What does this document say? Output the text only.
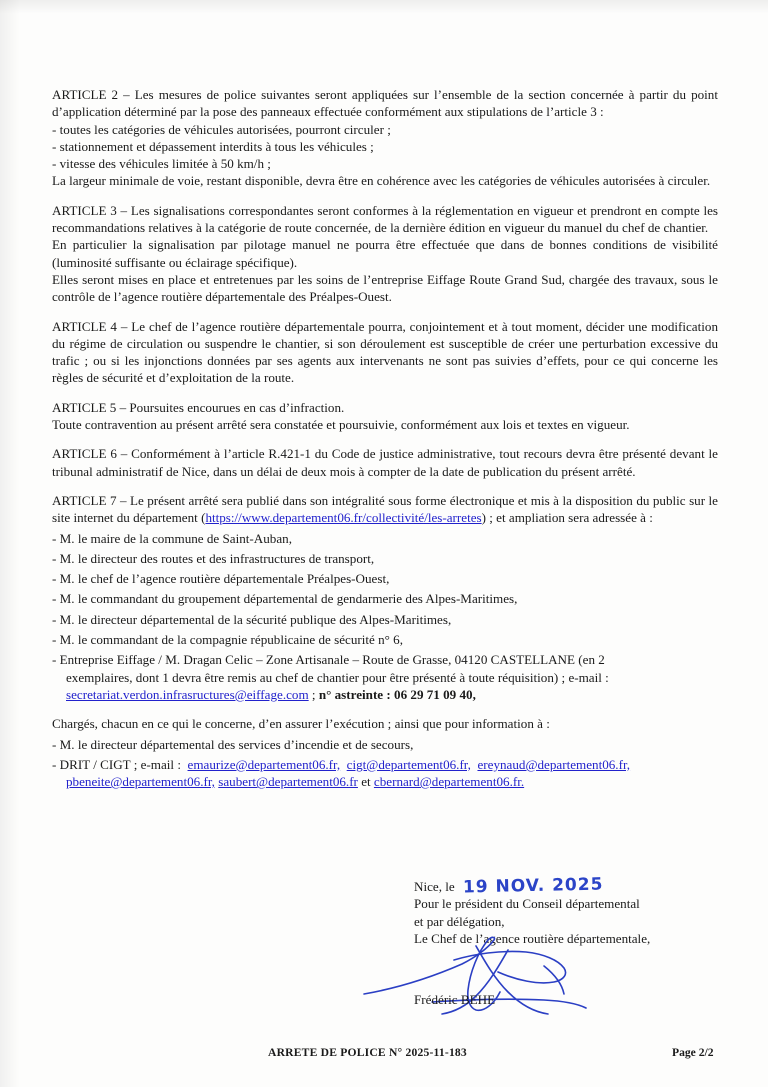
ARTICLE 2 – Les mesures de police suivantes seront appliquées sur l’ensemble de la section concernée à partir du point d’application déterminé par la pose des panneaux effectuée conformément aux stipulations de l’article 3 :
- toutes les catégories de véhicules autorisées, pourront circuler ;
- stationnement et dépassement interdits à tous les véhicules ;
- vitesse des véhicules limitée à 50 km/h ;
La largeur minimale de voie, restant disponible, devra être en cohérence avec les catégories de véhicules autorisées à circuler.
ARTICLE 3 – Les signalisations correspondantes seront conformes à la réglementation en vigueur et prendront en compte les recommandations relatives à la catégorie de route concernée, de la dernière édition en vigueur du manuel du chef de chantier.
En particulier la signalisation par pilotage manuel ne pourra être effectuée que dans de bonnes conditions de visibilité (luminosité suffisante ou éclairage spécifique).
Elles seront mises en place et entretenues par les soins de l’entreprise Eiffage Route Grand Sud, chargée des travaux, sous le contrôle de l’agence routière départementale des Préalpes-Ouest.
ARTICLE 4 – Le chef de l’agence routière départementale pourra, conjointement et à tout moment, décider une modification du régime de circulation ou suspendre le chantier, si son déroulement est susceptible de créer une perturbation excessive du trafic ; ou si les injonctions données par ses agents aux intervenants ne sont pas suivies d’effets, pour ce qui concerne les règles de sécurité et d’exploitation de la route.
ARTICLE 5 – Poursuites encourues en cas d’infraction.
Toute contravention au présent arrêté sera constatée et poursuivie, conformément aux lois et textes en vigueur.
ARTICLE 6 – Conformément à l’article R.421-1 du Code de justice administrative, tout recours devra être présenté devant le tribunal administratif de Nice, dans un délai de deux mois à compter de la date de publication du présent arrêté.
ARTICLE 7 – Le présent arrêté sera publié dans son intégralité sous forme électronique et mis à la disposition du public sur le site internet du département (https://www.departement06.fr/collectivité/les-arretes) ; et ampliation sera adressée à :
- M. le maire de la commune de Saint-Auban,
- M. le directeur des routes et des infrastructures de transport,
- M. le chef de l’agence routière départementale Préalpes-Ouest,
- M. le commandant du groupement départemental de gendarmerie des Alpes-Maritimes,
- M. le directeur départemental de la sécurité publique des Alpes-Maritimes,
- M. le commandant de la compagnie républicaine de sécurité n° 6,
- Entreprise Eiffage / M. Dragan Celic – Zone Artisanale – Route de Grasse, 04120 CASTELLANE (en 2
exemplaires, dont 1 devra être remis au chef de chantier pour être présenté à toute réquisition) ; e-mail :
secretariat.verdon.infrasructures@eiffage.com ; n° astreinte : 06 29 71 09 40,
Chargés, chacun en ce qui le concerne, d’en assurer l’exécution ; ainsi que pour information à :
- M. le directeur départemental des services d’incendie et de secours,
- DRIT / CIGT ; e-mail : emaurize@departement06.fr, cigt@departement06.fr, ereynaud@departement06.fr,
pbeneite@departement06.fr, saubert@departement06.fr et cbernard@departement06.fr.
Nice, le 19 NOV. 2025
Pour le président du Conseil départemental
et par délégation,
Le Chef de l’agence routière départementale,
Frédéric BEHE
ARRETE DE POLICE N° 2025-11-183	Page 2/2
